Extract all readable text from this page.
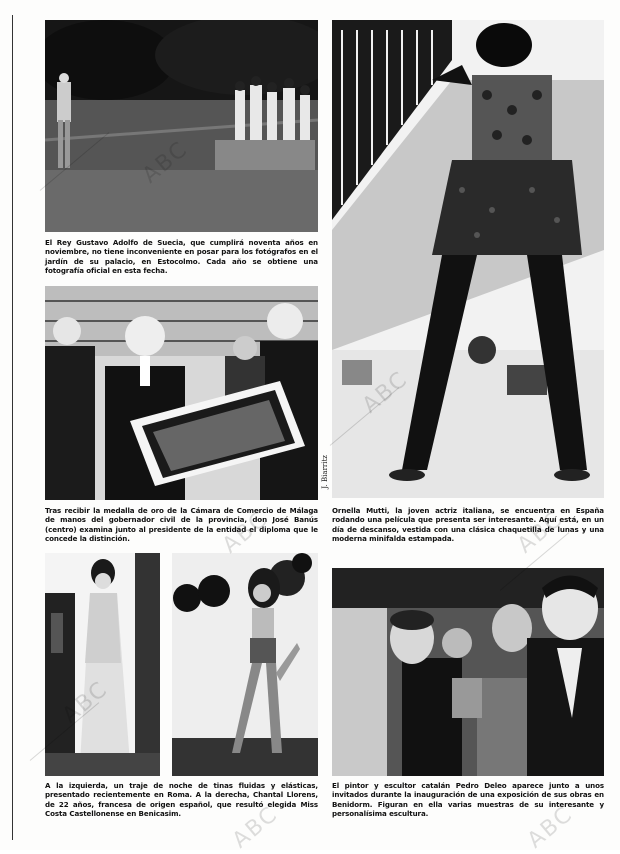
El Rey Gustavo Adolfo de Suecia, que cumplirá noventa años en noviembre, no tiene inconveniente en posar para los fotógrafos en el jardín de su palacio, en Estocolmo. Cada año se obtiene una fotografía oficial en esta fecha.
Tras recibir la medalla de oro de la Cámara de Comercio de Málaga de manos del gobernador civil de la provincia, don José Banús (centro) examina junto al presidente de la entidad el diploma que le concede la distinción.
J. Biarritz
Ornella Mutti, la joven actriz italiana, se encuentra en España rodando una película que presenta ser interesante. Aquí está, en un día de descanso, vestida con una clásica chaquetilla de lunas y una moderna minifalda estampada.
A la izquierda, un traje de noche de tinas fluidas y elásticas, presentado recientemente en Roma. A la derecha, Chantal Llorens, de 22 años, francesa de origen español, que resultó elegida Miss Costa Castellonense en Benicasim.
El pintor y escultor catalán Pedro Deleo aparece junto a unos invitados durante la inauguración de una exposición de sus obras en Benidorm. Figuran en ella varias muestras de su interesante y personalísima escultura.
ABC	ABC
ABC	ABC
